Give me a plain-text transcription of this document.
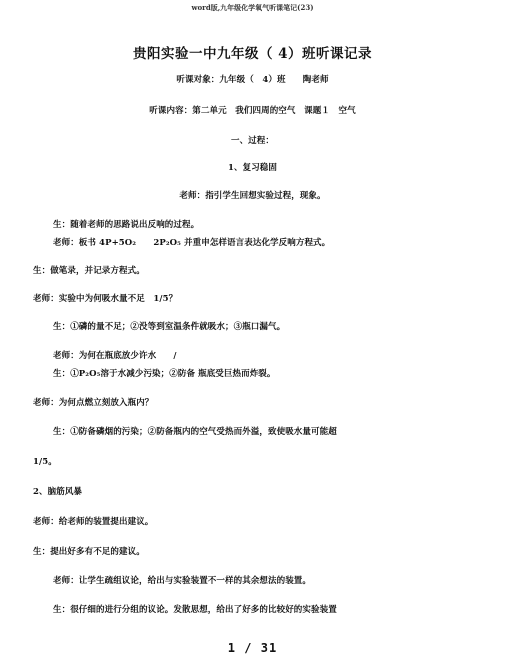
word版,九年级化学氧气听课笔记(23)
贵阳实验一中九年级（ 4）班听课记录
听课对象：九年级（　4）班　　陶老师
听课内容：第二单元　我们四周的空气　课题１　空气
一、过程：
1、复习稳固
老师：指引学生回想实验过程，现象。
生：随着老师的思路说出反响的过程。
老师：板书 4P+5O₂　　2P₂O₅ 并重申怎样语言表达化学反响方程式。
生：做笔录，并记录方程式。
老师：实验中为何吸水量不足　1/5？
生：①磷的量不足；②没等到室温条件就吸水；③瓶口漏气。
老师：为何在瓶底放少许水　　/
生：①P₂O₅溶于水减少污染；②防备 瓶底受巨热而炸裂。
老师：为何点燃立刻放入瓶内？
生：①防备磷烟的污染；②防备瓶内的空气受热而外溢，致使吸水量可能超
1/5。
2、脑筋风暴
老师：给老师的装置提出建议。
生：提出好多有不足的建议。
老师：让学生疏组议论，给出与实验装置不一样的其余想法的装置。
生：很仔细的进行分组的议论。发散思想，给出了好多的比较好的实验装置
1 / 31
